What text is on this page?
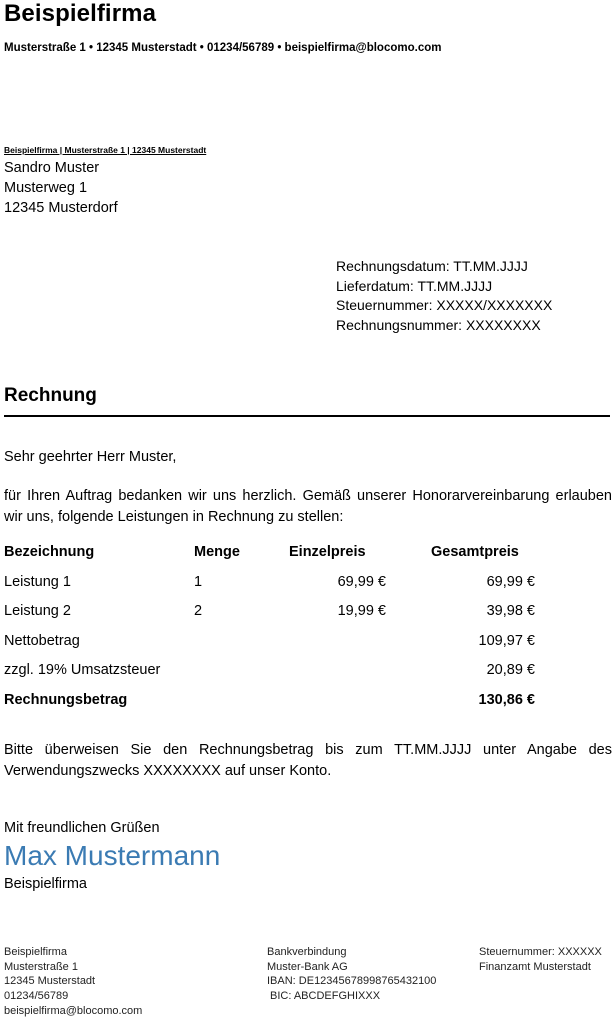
Beispielfirma
Musterstraße 1 • 12345 Musterstadt • 01234/56789 • beispielfirma@blocomo.com
Beispielfirma | Musterstraße 1 | 12345 Musterstadt
Sandro Muster
Musterweg 1
12345 Musterdorf
Rechnungsdatum: TT.MM.JJJJ
Lieferdatum: TT.MM.JJJJ
Steuernummer: XXXXX/XXXXXXX
Rechnungsnummer: XXXXXXXX
Rechnung
Sehr geehrter Herr Muster,
für Ihren Auftrag bedanken wir uns herzlich. Gemäß unserer Honorarvereinbarung erlauben wir uns, folgende Leistungen in Rechnung zu stellen:
Bezeichnung	Menge	Einzelpreis	Gesamtpreis
Leistung 1	1	69,99 €	69,99 €
Leistung 2	2	19,99 €	39,98 €
Nettobetrag	109,97 €
zzgl. 19% Umsatzsteuer	20,89 €
Rechnungsbetrag	130,86 €
Bitte überweisen Sie den Rechnungsbetrag bis zum TT.MM.JJJJ unter Angabe des Verwendungszwecks XXXXXXXX auf unser Konto.
Mit freundlichen Grüßen
Max Mustermann
Beispielfirma
Beispielfirma
Musterstraße 1
12345 Musterstadt
01234/56789
beispielfirma@blocomo.com
Bankverbindung
Muster-Bank AG
IBAN: DE12345678998765432100
BIC: ABCDEFGHIXXX
Steuernummer: XXXXXX
Finanzamt Musterstadt
